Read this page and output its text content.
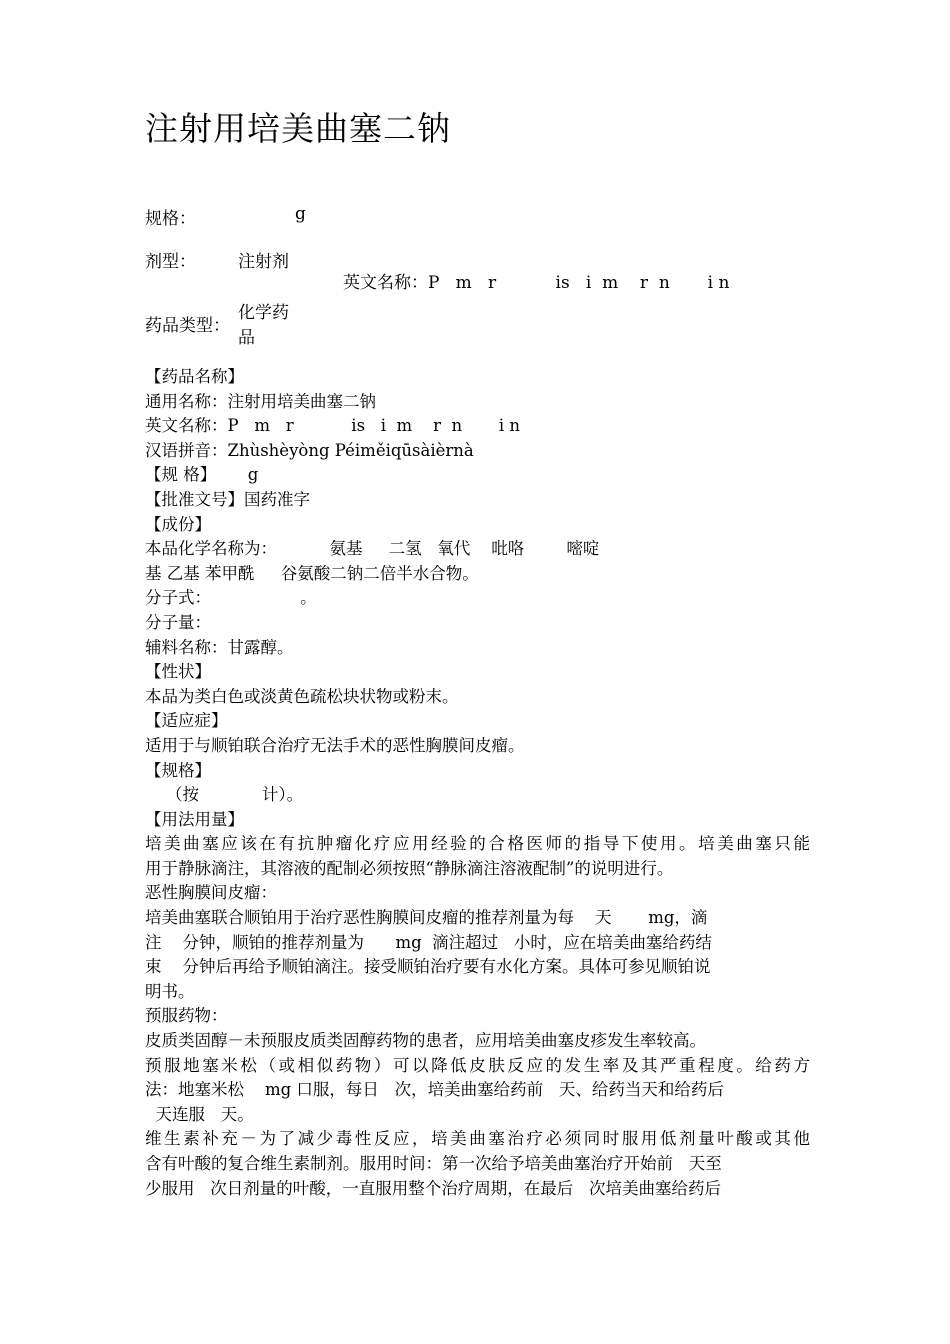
注射用培美曲塞二钠
规格：	g
剂型： 注射剂
英文名称：P   m   r           is   i  m    r  n       i n
药品类型：
化学药
品
【药品名称】
通用名称：注射用培美曲塞二钠
英文名称：P   m   r           is   i  m    r  n       i n
汉语拼音：Zhùshèyòng Péiměiqūsàièrnà
【规 格】      g
【批准文号】国药准字
【成份】
本品化学名称为：          氨基     二氢   氧代    吡咯        嘧啶
基 乙基 苯甲酰     谷氨酸二钠二倍半水合物。
分子式：                 。
分子量：
辅料名称：甘露醇。
【性状】
本品为类白色或淡黄色疏松块状物或粉末。
【适应症】
适用于与顺铂联合治疗无法手术的恶性胸膜间皮瘤。
【规格】
（按            计）。
【用法用量】
培美曲塞应该在有抗肿瘤化疗应用经验的合格医师的指导下使用。培美曲塞只能
用于静脉滴注，其溶液的配制必须按照“静脉滴注溶液配制”的说明进行。
恶性胸膜间皮瘤：
培美曲塞联合顺铂用于治疗恶性胸膜间皮瘤的推荐剂量为每    天       mg，滴
注    分钟，顺铂的推荐剂量为      mg  滴注超过   小时，应在培美曲塞给药结
束    分钟后再给予顺铂滴注。接受顺铂治疗要有水化方案。具体可参见顺铂说
明书。
预服药物：
皮质类固醇－未预服皮质类固醇药物的患者，应用培美曲塞皮疹发生率较高。
预服地塞米松（或相似药物）可以降低皮肤反应的发生率及其严重程度。给药方
法：地塞米松    mg 口服，每日   次，培美曲塞给药前   天、给药当天和给药后
天连服   天。
维生素补充－为了减少毒性反应，培美曲塞治疗必须同时服用低剂量叶酸或其他
含有叶酸的复合维生素制剂。服用时间：第一次给予培美曲塞治疗开始前   天至
少服用   次日剂量的叶酸，一直服用整个治疗周期，在最后   次培美曲塞给药后
